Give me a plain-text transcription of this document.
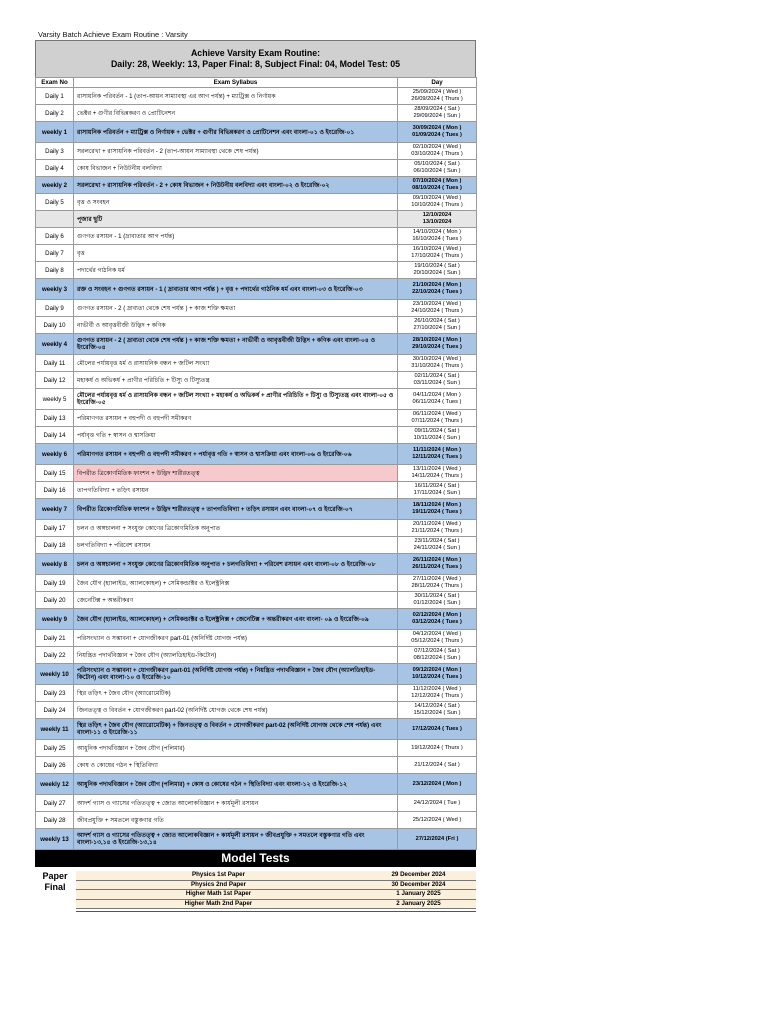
Varsity Batch Achieve Exam Routine : Varsity
Achieve Varsity Exam Routine:
Daily: 28, Weekly: 13, Paper Final: 8, Subject Final: 04, Model Test: 05
Exam No	Exam Syllabus	Day
Daily 1	রাসায়নিক পরিবর্তন - 1 (তাপ-আয়ন সাম্যাবস্থা এর আগ পর্যন্ত) + ম্যাট্রিক্স ও নির্ণায়ক	25/09/2024 ( Wed )
26/09/2024 ( Thurs )

Daily 2	ভেক্টর + গুণীর বিভিন্নকরণ ও প্রোটিনেশন	28/09/2024 ( Sat )
29/09/2024 ( Sun )

weekly 1	রাসায়নিক পরিবর্তন + ম্যাট্রিক্স ও নির্ণায়ক + ভেক্টর + গুণীর বিভিন্নকরণ ও প্রোটিনেশন এবং বাংলা-০১ ও ইংরেজি-০১	30/09/2024 ( Mon )
01/09/2024 ( Tues )

Daily 3	সরলরেখা + রাসায়নিক পরিবর্তন - 2 (তাপ-আয়ন সাম্যাবস্থা থেকে শেষ পর্যন্ত)	02/10/2024 ( Wed )
03/10/2024 ( Thurs )

Daily 4	কোষ বিভাজন + নিউটনীয় বলবিদ্যা	05/10/2024 ( Sat )
06/10/2024 ( Sun )

weekly 2	সরলরেখা + রাসায়নিক পরিবর্তন - 2 + কোষ বিভাজন + নিউটনীয় বলবিদ্যা এবং বাংলা-০২ ও ইংরেজি-০২	07/10/2024 ( Mon )
08/10/2024 ( Tues )

Daily 5	বৃত্ত ও সংবহন	09/10/2024 ( Wed )
10/10/2024 ( Thurs )

	পূজার ছুটি	12/10/2024
13/10/2024

Daily 6	গুণগত রসায়ন - 1 (দ্রাব্যতার আগ পর্যন্ত)	14/10/2024 ( Mon )
16/10/2024 ( Tues )

Daily 7	বৃত্ত	16/10/2024 ( Wed )
17/10/2024 ( Thurs )

Daily 8	পদার্থের গাঠনিক ধর্ম	19/10/2024 ( Sat )
20/10/2024 ( Sun )

weekly 3	রক্ত ও সংবহন + গুণগত রসায়ন - 1 ( দ্রাব্যতার আগ পর্যন্ত ) + বৃত্ত + পদার্থের গাঠনিক ধর্ম এবং বাংলা-০৩ ও ইংরেজি-০৩	21/10/2024 ( Mon )
22/10/2024 ( Tues )

Daily 9	গুণগত রসায়ন - 2 ( দ্রাব্যতা থেকে শেষ পর্যন্ত ) + কাজ শক্তি ক্ষমতা	23/10/2024 ( Wed )
24/10/2024 ( Thurs )

Daily 10	নাভীর্বী ও আবৃত্তবীজী উদ্ভিদ + কণিক	26/10/2024 ( Sat )
27/10/2024 ( Sun )

weekly 4	গুণগত রসায়ন - 2 ( দ্রাব্যতা থেকে শেষ পর্যন্ত ) + কাজ শক্তি ক্ষমতা + নাভীর্বী ও আবৃত্তবীজী উদ্ভিদ + কণিক এবং বাংলা-০৪ ও ইংরেজি-০৪	28/10/2024 ( Mon )
29/10/2024 ( Tues )

Daily 11	মৌলের পর্যায়বৃত্ত ধর্ম ও রাসায়নিক বন্ধন + জটিল সংখ্যা	30/10/2024 ( Wed )
31/10/2024 ( Thurs )

Daily 12	মহাকর্ষ ও অভিকর্ষ + প্রাণীর পরিচিতি + টিস্যু ও টিস্যুতন্ত্র	02/11/2024 ( Sat )
03/11/2024 ( Sun )

weekly 5	মৌলের পর্যায়বৃত্ত ধর্ম ও রাসায়নিক বন্ধন + জটিল সংখ্যা + মহাকর্ষ ও অভিকর্ষ + প্রাণীর পরিচিতি + টিস্যু ও টিস্যুতন্ত্র এবং বাংলা-০৫ ও ইংরেজি-০৫	04/11/2024 ( Mon )
06/11/2024 ( Tues )

Daily 13	পরিমাণগত রসায়ন + বহুপদী ও বহুপদী সমীকরণ	06/11/2024 ( Wed )
07/11/2024 ( Thurs )

Daily 14	পর্যাবৃত্ত গতি + স্বাসন ও শ্বাসক্রিয়া	09/11/2024 ( Sat )
10/11/2024 ( Sun )

weekly 6	পরিমাণগত রসায়ন + বহুপদী ও বহুপদী সমীকরণ + পর্যাবৃত্ত গতি + স্বাসন ও শ্বাসক্রিয়া এবং বাংলা-০৬ ও ইংরেজি-০৬	11/11/2024 ( Mon )
12/11/2024 ( Tues )

Daily 15	বিপরীত ত্রিকোণমিতিক ফাংশন + উদ্ভিদ শারীরতত্ত্ব	13/11/2024 ( Wed )
14/11/2024 ( Thurs )

Daily 16	তাপগতিবিদ্যা + তড়িৎ রসায়ন	16/11/2024 ( Sat )
17/11/2024 ( Sun )

weekly 7	বিপরীত ত্রিকোণমিতিক ফাংশন + উদ্ভিদ শারীরতত্ত্ব + তাপগতিবিদ্যা + তড়িৎ রসায়ন এবং বাংলা-০৭ ও ইংরেজি-০৭	18/11/2024 ( Mon )
19/11/2024 ( Tues )

Daily 17	চলন ও অঙ্গচালনা + সংযুক্ত কোণের ত্রিকোণমিতিক অনুপাত	20/11/2024 ( Wed )
21/11/2024 ( Thurs )

Daily 18	চলগতিবিদ্যা + পরিবেশ রসায়ন	23/11/2024 ( Sat )
24/11/2024 ( Sun )

weekly 8	চলন ও অঙ্গচালনা + সংযুক্ত কোণের ত্রিকোণমিতিক অনুপাত + চলগতিবিদ্যা + পরিবেশ রসায়ন এবং বাংলা-০৮ ও ইংরেজি-০৮	26/11/2024 ( Mon )
26/11/2024 ( Tues )

Daily 19	জৈব যৌগ (হ্যালাইড, অ্যালকোহল) + সেমিকন্ডাক্টর ও ইলেক্ট্রনিক্স	27/11/2024 ( Wed )
28/11/2024 ( Thurs )

Daily 20	জেনেটিক্স + অন্তরীকরণ	30/11/2024 ( Sat )
01/12/2024 ( Sun )

weekly 9	জৈব যৌগ (হ্যালাইড, অ্যালকোহল) + সেমিকন্ডাক্টর ও ইলেক্ট্রনিক্স + জেনেটিক্স + অন্তরীকরণ এবং বাংলা- ০৯ ও ইংরেজি-০৯	02/12/2024 ( Mon )
03/12/2024 ( Tues )

Daily 21	পরিসংখ্যান ও সম্ভাবনা + যোগজীকরণ part-01 (অনির্দিষ্ট যোগজ পর্যন্ত)	04/12/2024 ( Wed )
05/12/2024 ( Thurs )

Daily 22	নিয়ন্ত্রিত পদার্থবিজ্ঞান + জৈব যৌগ (অ্যালডিহাইড-কিটোন)	07/12/2024 ( Sat )
08/12/2024 ( Sun )

weekly 10	পরিসংখ্যান ও সম্ভাবনা + যোগজীকরণ part-01 (অনির্দিষ্ট যোগজ পর্যন্ত) + নিয়ন্ত্রিত পদার্থবিজ্ঞান + জৈব যৌগ (অ্যালডিহাইড-কিটোন) এবং বাংলা-১০ ও ইংরেজি-১০	09/12/2024 ( Mon )
10/12/2024 ( Tues )

Daily 23	স্থির তড়িৎ + জৈব যৌগ (অ্যারোমেটিক)	11/12/2024 ( Wed )
12/12/2024 ( Thurs )

Daily 24	জিনতত্ত্ব ও বিবর্তন + যোগজীকরণ part-02 (অনির্দিষ্ট যোগজ থেকে শেষ পর্যন্ত)	14/12/2024 ( Sat )
15/12/2024 ( Sun )

weekly 11	স্থির তড়িৎ + জৈব যৌগ (অ্যারোমেটিক) + জিনতত্ত্ব ও বিবর্তন + যোগজীকরণ part-02 (অনির্দিষ্ট যোগজ থেকে শেষ পর্যন্ত) এবং বাংলা-১১ ও ইংরেজি-১১	17/12/2024 ( Tues )

Daily 25	আধুনিক পদার্থবিজ্ঞান + জৈব যৌগ (পলিমার)	19/12/2024 ( Thurs )

Daily 26	কোষ ও কোষের গঠন + স্থিতিবিদ্যা	21/12/2024 ( Sat )

weekly 12	আধুনিক পদার্থবিজ্ঞান + জৈব যৌগ (পলিমার) + কোষ ও কোষের গঠন + স্থিতিবিদ্যা এবং বাংলা-১২ ও ইংরেজি-১২	23/12/2024 ( Mon )

Daily 27	আদর্শ গ্যাস ও গ্যাসের গতিতত্ত্ব + জ্যেত আলোকবিজ্ঞান + কার্যমূলী রসায়ন	24/12/2024 ( Tue )

Daily 28	জীবপ্রযুক্তি + সমতলে বস্তুকণার গতি	25/12/2024 ( Wed )

weekly 13	আদর্শ গ্যাস ও গ্যাসের গতিতত্ত্ব + জ্যেত আলোকবিজ্ঞান + কার্যমূলী রসায়ন + জীবপ্রযুক্তি + সমতলে বস্তুকণার গতি এবং বাংলা-১৩,১৪ ও ইংরেজি-১৩,১৪	27/12/2024 (Fri )
Model Tests
Paper
Final
Physics 1st Paper	29 December 2024
Physics 2nd Paper	30 December 2024
Higher Math 1st Paper	1 January 2025
Higher Math 2nd Paper	2 January 2025
